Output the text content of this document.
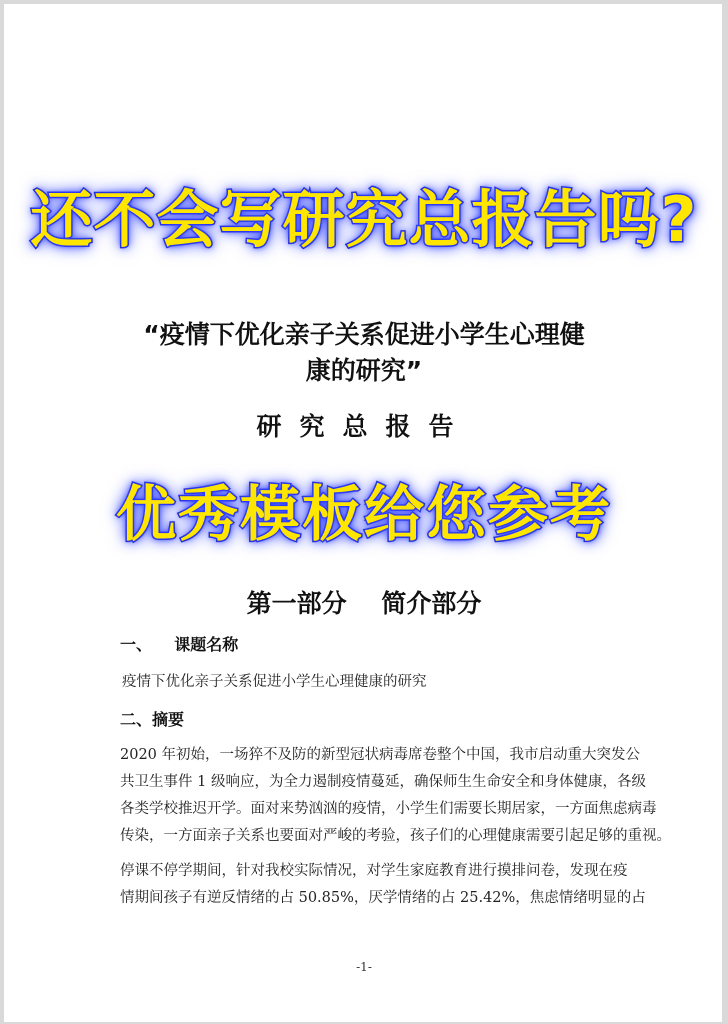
还不会写研究总报告吗?
“疫情下优化亲子关系促进小学生心理健
康的研究”
研究总报告
优秀模板给您参考
第一部分    简介部分
一、    课题名称
疫情下优化亲子关系促进小学生心理健康的研究
二、摘要
2020 年初始，一场猝不及防的新型冠状病毒席卷整个中国，我市启动重大突发公
共卫生事件 1 级响应，为全力遏制疫情蔓延，确保师生生命安全和身体健康，各级
各类学校推迟开学。面对来势汹汹的疫情，小学生们需要长期居家，一方面焦虑病毒
传染，一方面亲子关系也要面对严峻的考验，孩子们的心理健康需要引起足够的重视。
停课不停学期间，针对我校实际情况，对学生家庭教育进行摸排问卷，发现在疫
情期间孩子有逆反情绪的占 50.85%，厌学情绪的占 25.42%，焦虑情绪明显的占
-1-
